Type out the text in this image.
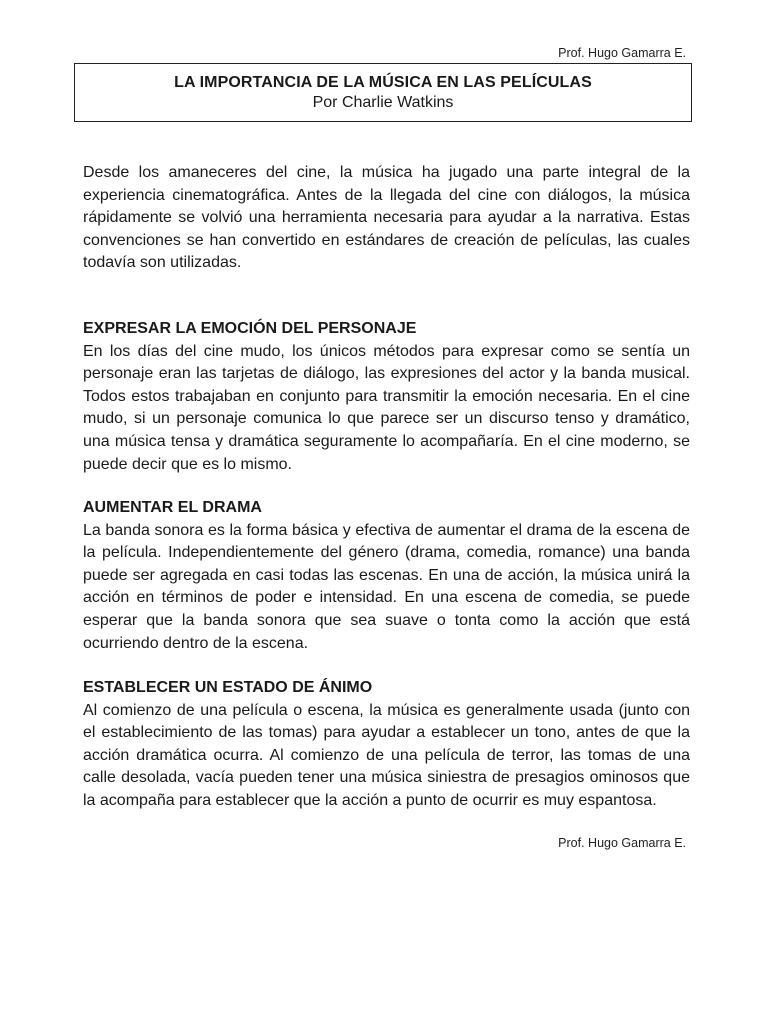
Prof. Hugo Gamarra E.
LA IMPORTANCIA DE LA MÚSICA EN LAS PELÍCULAS
Por Charlie Watkins

Desde los amaneceres del cine, la música ha jugado una parte integral de la experiencia cinematográfica. Antes de la llegada del cine con diálogos, la música rápidamente se volvió una herramienta necesaria para ayudar a la narrativa. Estas convenciones se han convertido en estándares de creación de películas, las cuales todavía son utilizadas.

EXPRESAR LA EMOCIÓN DEL PERSONAJE

En los días del cine mudo, los únicos métodos para expresar como se sentía un personaje eran las tarjetas de diálogo, las expresiones del actor y la banda musical. Todos estos trabajaban en conjunto para transmitir la emoción necesaria. En el cine mudo, si un personaje comunica lo que parece ser un discurso tenso y dramático, una música tensa y dramática seguramente lo acompañaría. En el cine moderno, se puede decir que es lo mismo.

AUMENTAR EL DRAMA

La banda sonora es la forma básica y efectiva de aumentar el drama de la escena de la película. Independientemente del género (drama, comedia, romance) una banda puede ser agregada en casi todas las escenas. En una de acción, la música unirá la acción en términos de poder e intensidad. En una escena de comedia, se puede esperar que la banda sonora que sea suave o tonta como la acción que está ocurriendo dentro de la escena.

ESTABLECER UN ESTADO DE ÁNIMO

Al comienzo de una película o escena, la música es generalmente usada (junto con el establecimiento de las tomas) para ayudar a establecer un tono, antes de que la acción dramática ocurra. Al comienzo de una película de terror, las tomas de una calle desolada, vacía pueden tener una música siniestra de presagios ominosos que la acompaña para establecer que la acción a punto de ocurrir es muy espantosa.

Prof. Hugo Gamarra E.
